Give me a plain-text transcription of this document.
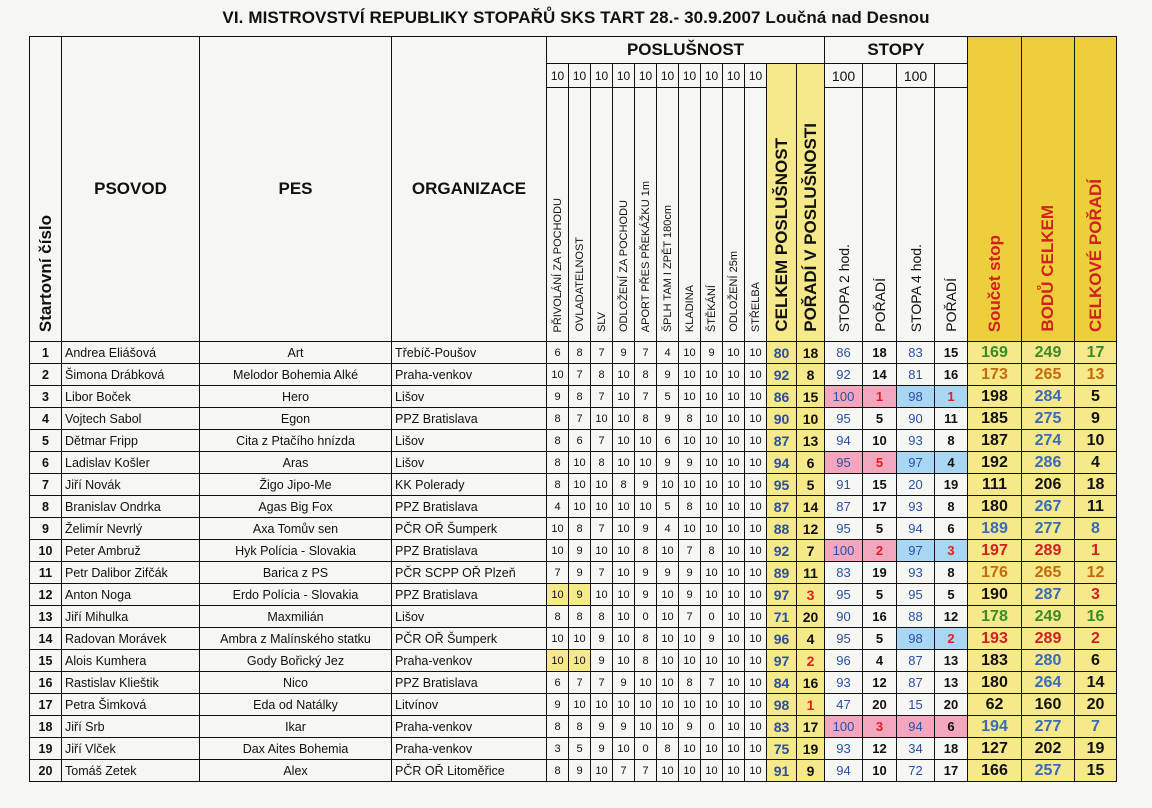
VI. MISTROVSTVÍ REPUBLIKY STOPAŘŮ SKS TART 28.- 30.9.2007 Loučná nad Desnou
Startovní číslo	PSOVOD	PES	ORGANIZACE	POSLUŠNOST												STOPY				Součet stop	BODŮ CELKEM	CELKOVÉ POŘADÍ
				10	10	10	10	10	10	10	10	10	10	CELKEM POSLUŠNOST	POŘADÍ V POSLUŠNOSTI	100		100				
				PŘIVOLÁNÍ ZA POCHODU	OVLADATELNOST	SLV	ODLOŽENÍ ZA POCHODU	APORT PŘES PŘEKÁŽKU 1m	ŠPLH TAM I ZPĚT 180cm	KLADINA	ŠTĚKÁNÍ	ODLOŽENÍ 25m	STŘELBA			STOPA 2 hod.	POŘADÍ	STOPA 4 hod.	POŘADÍ			
1	Andrea Eliášová	Art	Třebíč-Poušov	6	8	7	9	7	4	10	9	10	10	80	18	86	18	83	15	169	249	17
2	Šimona Drábková	Melodor Bohemia Alké	Praha-venkov	10	7	8	10	8	9	10	10	10	10	92	8	92	14	81	16	173	265	13
3	Libor Boček	Hero	Lišov	9	8	7	10	7	5	10	10	10	10	86	15	100	1	98	1	198	284	5
4	Vojtech Sabol	Egon	PPZ Bratislava	8	7	10	10	8	9	8	10	10	10	90	10	95	5	90	11	185	275	9
5	Dětmar Fripp	Cita z Ptačího hnízda	Lišov	8	6	7	10	10	6	10	10	10	10	87	13	94	10	93	8	187	274	10
6	Ladislav Košler	Aras	Lišov	8	10	8	10	10	9	9	10	10	10	94	6	95	5	97	4	192	286	4
7	Jiří Novák	Žigo Jipo-Me	KK Polerady	8	10	10	8	9	10	10	10	10	10	95	5	91	15	20	19	111	206	18
8	Branislav Ondrka	Agas Big Fox	PPZ Bratislava	4	10	10	10	10	5	8	10	10	10	87	14	87	17	93	8	180	267	11
9	Želimír Nevrlý	Axa Tomův sen	PČR OŘ Šumperk	10	8	7	10	9	4	10	10	10	10	88	12	95	5	94	6	189	277	8
10	Peter Ambruž	Hyk Polícia - Slovakia	PPZ Bratislava	10	9	10	10	8	10	7	8	10	10	92	7	100	2	97	3	197	289	1
11	Petr Dalibor Zifčák	Barica z PS	PČR SCPP OŘ Plzeň	7	9	7	10	9	9	9	10	10	10	89	11	83	19	93	8	176	265	12
12	Anton Noga	Erdo Polícia - Slovakia	PPZ Bratislava	10	9	10	10	9	10	9	10	10	10	97	3	95	5	95	5	190	287	3
13	Jiří Mihulka	Maxmilián	Lišov	8	8	8	10	0	10	7	0	10	10	71	20	90	16	88	12	178	249	16
14	Radovan Morávek	Ambra z Malínského statku	PČR OŘ Šumperk	10	10	9	10	8	10	10	9	10	10	96	4	95	5	98	2	193	289	2
15	Alois Kumhera	Gody Bořický Jez	Praha-venkov	10	10	9	10	8	10	10	10	10	10	97	2	96	4	87	13	183	280	6
16	Rastislav Klieštik	Nico	PPZ Bratislava	6	7	7	9	10	10	8	7	10	10	84	16	93	12	87	13	180	264	14
17	Petra Šimková	Eda od Natálky	Litvínov	9	10	10	10	10	10	10	10	10	10	98	1	47	20	15	20	62	160	20
18	Jiří Srb	Ikar	Praha-venkov	8	8	9	9	10	10	9	0	10	10	83	17	100	3	94	6	194	277	7
19	Jiří Vlček	Dax Aites Bohemia	Praha-venkov	3	5	9	10	0	8	10	10	10	10	75	19	93	12	34	18	127	202	19
20	Tomáš Zetek	Alex	PČR OŘ Litoměřice	8	9	10	7	7	10	10	10	10	10	91	9	94	10	72	17	166	257	15
